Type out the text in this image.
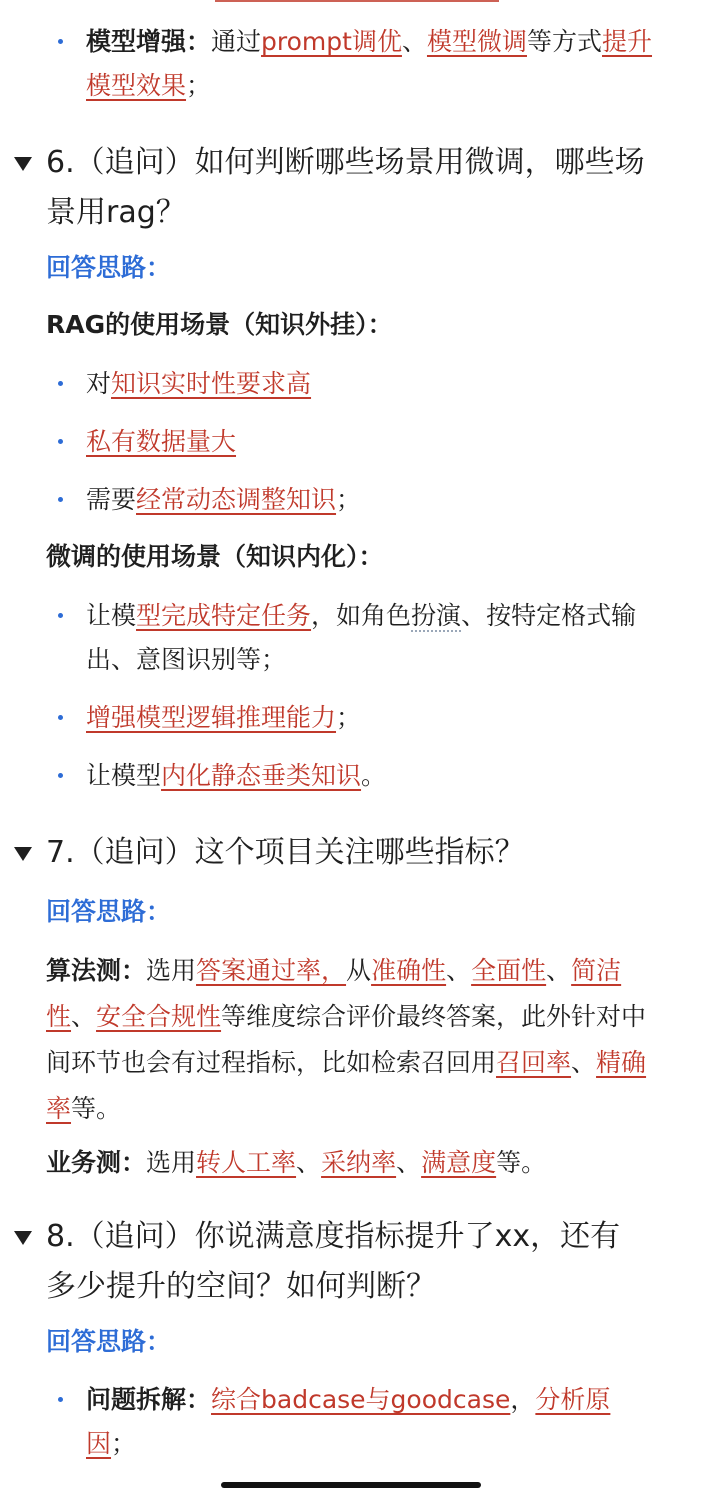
模型增强：通过prompt调优、模型微调等方式提升模型效果；
6.（追问）如何判断哪些场景用微调，哪些场景用rag？
回答思路：
RAG的使用场景（知识外挂）：
对知识实时性要求高
私有数据量大
需要经常动态调整知识；
微调的使用场景（知识内化）：
让模型完成特定任务，如角色扮演、按特定格式输出、意图识别等；
增强模型逻辑推理能力；
让模型内化静态垂类知识。
7.（追问）这个项目关注哪些指标？
回答思路：
算法测：选用答案通过率，从准确性、全面性、简洁性、安全合规性等维度综合评价最终答案，此外针对中间环节也会有过程指标，比如检索召回用召回率、精确率等。
业务测：选用转人工率、采纳率、满意度等。
8.（追问）你说满意度指标提升了xx，还有多少提升的空间？如何判断？
回答思路：
问题拆解：综合badcase与goodcase，分析原因；
